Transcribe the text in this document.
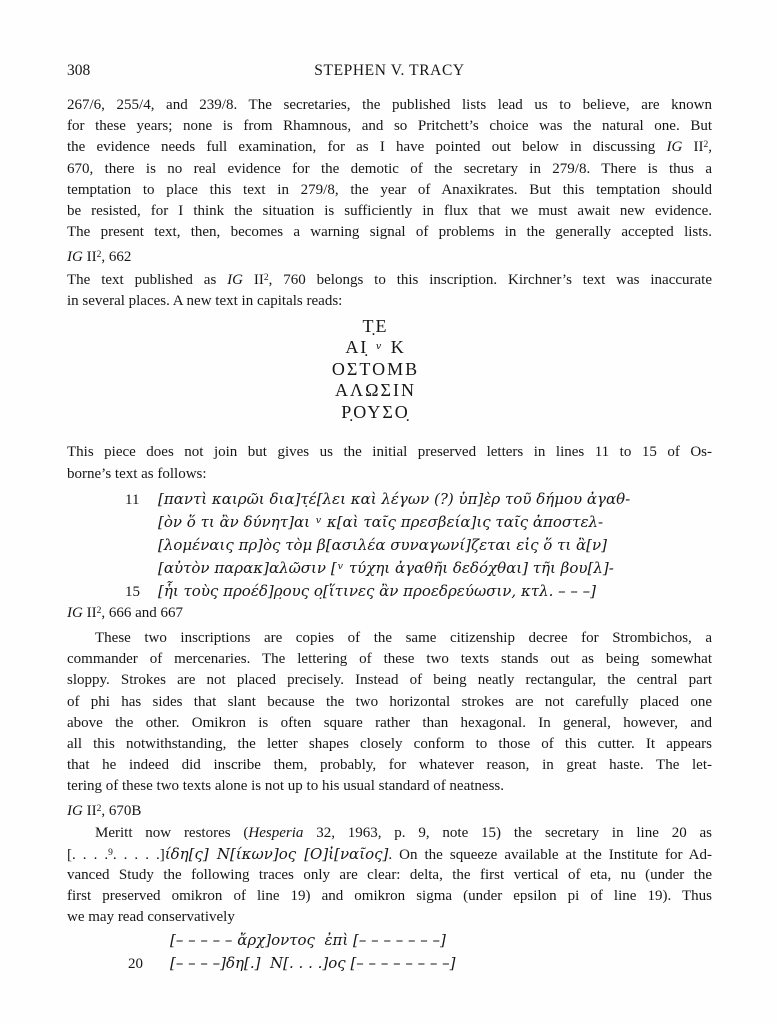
308	STEPHEN V. TRACY
267/6, 255/4, and 239/8. The secretaries, the published lists lead us to believe, are known
for these years; none is from Rhamnous, and so Pritchett’s choice was the natural one. But
the evidence needs full examination, for as I have pointed out below in discussing IG $II^2$,
670, there is no real evidence for the demotic of the secretary in 279/8. There is thus a
temptation to place this text in 279/8, the year of Anaxikrates. But this temptation should
be resisted, for I think the situation is sufficiently in flux that we must await new evidence.
The present text, then, becomes a warning signal of problems in the generally accepted lists.
IG $II^2$, 662
The text published as IG $II^2$, 760 belongs to this inscription. Kirchner’s text was inaccurate
in several places. A new text in capitals reads:
Τ̣Ε
ΑΙ̣ $^v$ Κ
ΟΣΤΟΜΒ
ΑΛΩΣΙΝ
Ρ̣ΟΥΣΟ̣
This piece does not join but gives us the initial preserved letters in lines 11 to 15 of Os-
borne’s text as follows:
11 [παντὶ καιρῶι δια]τ̣έ[λει καὶ λέγων (?) ὑπ]ὲρ τοῦ δήμου ἀγαθ-
[ὸν ὅ τι ἂν δύνητ]αι $^v$ κ[αὶ ταῖς πρεσβεία]ις ταῖς ἀποστελ-
[λομέναις πρ]ὸς τὸμ β[ασιλέα συναγωνί]ζεται εἰς ὅ τι ἂ[ν]
[αὐτὸν παρακ]αλῶσιν [$^v$ τύχηι ἀγαθῆι δεδόχθαι] τῆι βου[λ]-
15 [ἧι τοὺς προέδ]ρ̣ους ο̣[ἵτινες ἂν προεδρεύωσιν, κτλ. – – –]
IG $II^2$, 666 and 667
These two inscriptions are copies of the same citizenship decree for Strombichos, a
commander of mercenaries. The lettering of these two texts stands out as being somewhat
sloppy. Strokes are not placed precisely. Instead of being neatly rectangular, the central part
of phi has sides that slant because the two horizontal strokes are not carefully placed one
above the other. Omikron is often square rather than hexagonal. In general, however, and
all this notwithstanding, the letter shapes closely conform to those of this cutter. It appears
that he indeed did inscribe them, probably, for whatever reason, in great haste. The let-
tering of these two texts alone is not up to his usual standard of neatness.
IG $II^2$, 670B
Meritt now restores (Hesperia 32, 1963, p. 9, note 15) the secretary in line 20 as
[. . . .$^9$. . . . .]ίδη[ς] Ν[ίκων]ος [Ο]ἰ[ναῖος]. On the squeeze available at the Institute for Ad-
vanced Study the following traces only are clear: delta, the first vertical of eta, nu (under the
first preserved omikron of line 19) and omikron sigma (under epsilon pi of line 19). Thus
we may read conservatively
[– – – – – ἄρχ]οντος  ἐπὶ [– – – – – – –]
20 [– – – –]δη[.]  Ν[. . . .]ος [– – – – – – – –]
